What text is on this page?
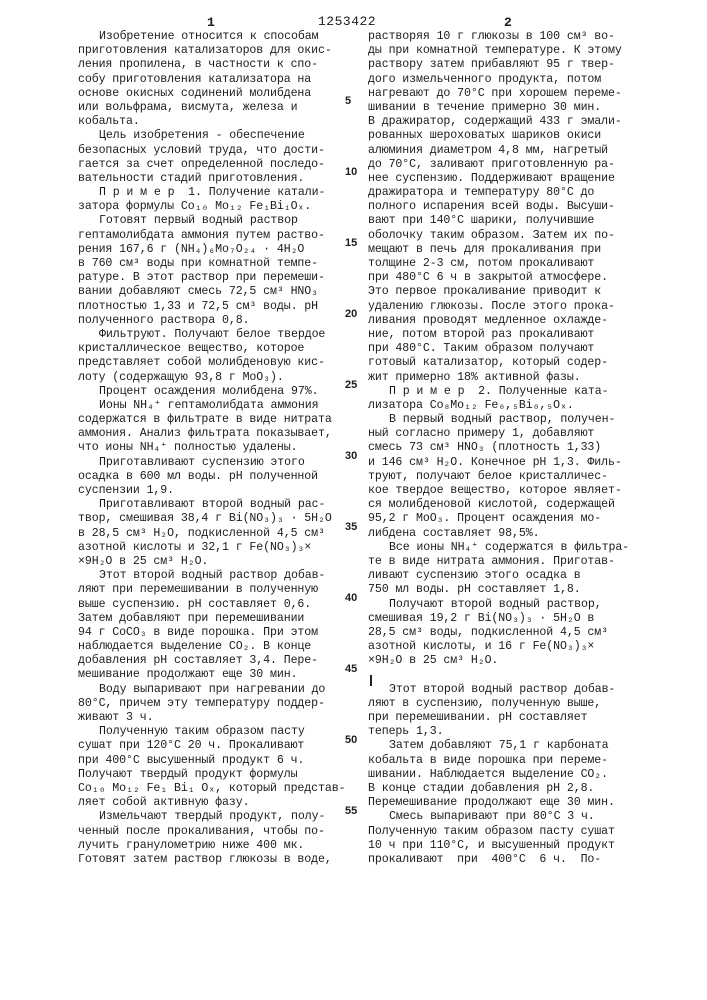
1	1253422	2
Изобретение относится к способам
приготовления катализаторов для окис-
ления пропилена, в частности к спо-
собу приготовления катализатора на
основе окисных содинений молибдена
или вольфрама, висмута, железа и
кобальта.
Цель изобретения - обеспечение
безопасных условий труда, что дости-
гается за счет определенной последо-
вательности стадий приготовления.
П р и м е р  1. Получение катали-
затора формулы Co₁₀ Mo₁₂ Fe₁Bi₁Oₓ.
Готовят первый водный раствор
гептамолибдата аммония путем раство-
рения 167,6 г (NH₄)₆Mo₇O₂₄ · 4H₂O
в 760 см³ воды при комнатной темпе-
ратуре. В этот раствор при перемеши-
вании добавляют смесь 72,5 см³ HNO₃
плотностью 1,33 и 72,5 см³ воды. pH
полученного раствора 0,8.
Фильтруют. Получают белое твердое
кристаллическое вещество, которое
представляет собой молибденовую кис-
лоту (содержащую 93,8 г MoO₃).
Процент осаждения молибдена 97%.
Ионы NH₄⁺ гептамолибдата аммония
содержатся в фильтрате в виде нитрата
аммония. Анализ фильтрата показывает,
что ионы NH₄⁺ полностью удалены.
Приготавливают суспензию этого
осадка в 600 мл воды. pH полученной
суспензии 1,9.
Приготавливают второй водный рас-
твор, смешивая 38,4 г Bi(NO₃)₃ · 5H₂O
в 28,5 см³ H₂O, подкисленной 4,5 см³
азотной кислоты и 32,1 г Fe(NO₃)₃×
×9H₂O в 25 см³ H₂O.
Этот второй водный раствор добав-
ляют при перемешивании в полученную
выше суспензию. pH составляет 0,6.
Затем добавляют при перемешивании
94 г CoCO₃ в виде порошка. При этом
наблюдается выделение CO₂. В конце
добавления pH составляет 3,4. Пере-
мешивание продолжают еще 30 мин.
Воду выпаривают при нагревании до
80°C, причем эту температуру поддер-
живают 3 ч.
Полученную таким образом пасту
сушат при 120°C 20 ч. Прокаливают
при 400°C высушенный продукт 6 ч.
Получают твердый продукт формулы
Co₁₀ Mo₁₂ Fe₁ Bi₁ Oₓ, который представ-
ляет собой активную фазу.
Измельчают твердый продукт, полу-
ченный после прокаливания, чтобы по-
лучить гранулометрию ниже 400 мк.
Готовят затем раствор глюкозы в воде,
растворяя 10 г глюкозы в 100 см³ во-
ды при комнатной температуре. К этому
раствору затем прибавляют 95 г твер-
дого измельченного продукта, потом
нагревают до 70°C при хорошем переме-
шивании в течение примерно 30 мин.
В дражиратор, содержащий 433 г эмали-
рованных шероховатых шариков окиси
алюминия диаметром 4,8 мм, нагретый
до 70°C, заливают приготовленную ра-
нее суспензию. Поддерживают вращение
дражиратора и температуру 80°C до
полного испарения всей воды. Высуши-
вают при 140°C шарики, получившие
оболочку таким образом. Затем их по-
мещают в печь для прокаливания при
толщине 2-3 см, потом прокаливают
при 480°C 6 ч в закрытой атмосфере.
Это первое прокаливание приводит к
удалению глюкозы. После этого прока-
ливания проводят медленное охлажде-
ние, потом второй раз прокаливают
при 480°C. Таким образом получают
готовый катализатор, который содер-
жит примерно 18% активной фазы.
П р и м е р  2. Полученные ката-
лизатора Co₈Mo₁₂ Fe₀,₅Bi₀,₅Oₓ.
В первый водный раствор, получен-
ный согласно примеру 1, добавляют
смесь 73 см³ HNO₃ (плотность 1,33)
и 146 см³ H₂O. Конечное pH 1,3. Филь-
труют, получают белое кристалличес-
кое твердое вещество, которое являет-
ся молибденовой кислотой, содержащей
95,2 г MoO₃. Процент осаждения мо-
либдена составляет 98,5%.
Все ионы NH₄⁺ содержатся в фильтра-
те в виде нитрата аммония. Приготав-
ливают суспензию этого осадка в
750 мл воды. pH составляет 1,8.
Получают второй водный раствор,
смешивая 19,2 г Bi(NO₃)₃ · 5H₂O в
28,5 см³ воды, подкисленной 4,5 см³
азотной кислоты, и 16 г Fe(NO₃)₃×
×9H₂O в 25 см³ H₂O.
Этот второй водный раствор добав-
ляют в суспензию, полученную выше,
при перемешивании. pH составляет
теперь 1,3.
Затем добавляют 75,1 г карбоната
кобальта в виде порошка при переме-
шивании. Наблюдается выделение CO₂.
В конце стадии добавления pH 2,8.
Перемешивание продолжают еще 30 мин.
Смесь выпаривают при 80°C 3 ч.
Полученную таким образом пасту сушат
10 ч при 110°C, и высушенный продукт
прокаливают  при  400°C  6 ч.  По-
5
10
15
20
25
30
35
40
45
50
55
